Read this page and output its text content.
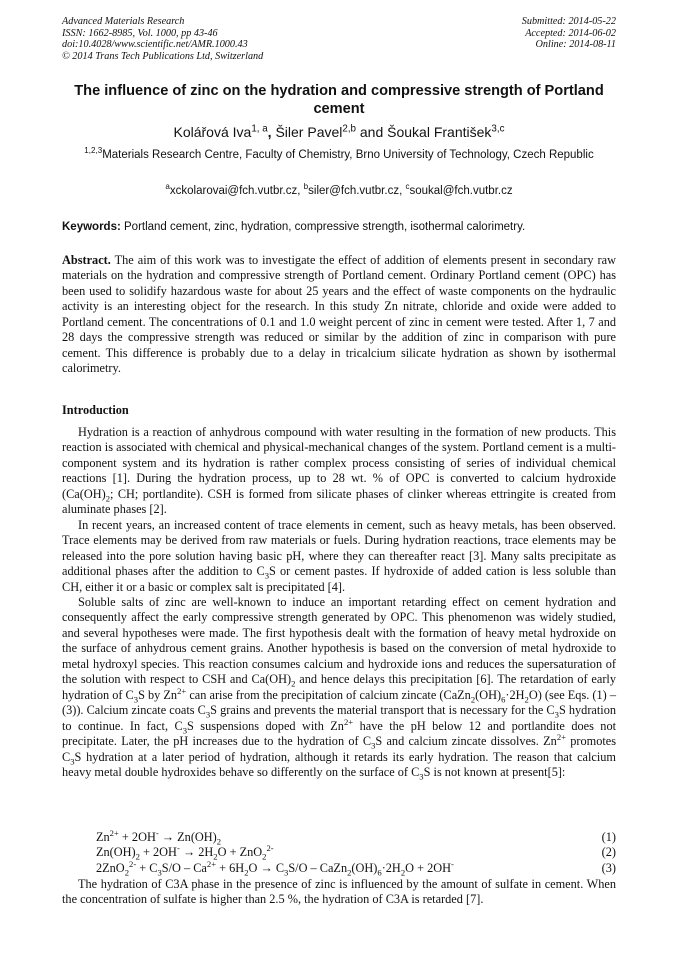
Advanced Materials Research
ISSN: 1662-8985, Vol. 1000, pp 43-46
doi:10.4028/www.scientific.net/AMR.1000.43
© 2014 Trans Tech Publications Ltd, Switzerland
Submitted: 2014-05-22
Accepted: 2014-06-02
Online: 2014-08-11
The influence of zinc on the hydration and compressive strength of Portland cement
Kolářová Iva$^{1, a}$, Šiler Pavel$^{2,b}$ and Šoukal František$^{3,c}$
$^{1,2,3}$Materials Research Centre, Faculty of Chemistry, Brno University of Technology, Czech Republic
$^a$xckolarovai@fch.vutbr.cz, $^b$siler@fch.vutbr.cz, $^c$soukal@fch.vutbr.cz
Keywords: Portland cement, zinc, hydration, compressive strength, isothermal calorimetry.

Abstract. The aim of this work was to investigate the effect of addition of elements present in secondary raw materials on the hydration and compressive strength of Portland cement. Ordinary Portland cement (OPC) has been used to solidify hazardous waste for about 25 years and the effect of waste components on the hydraulic activity is an interesting object for the research. In this study Zn nitrate, chloride and oxide were added to Portland cement. The concentrations of 0.1 and 1.0 weight percent of zinc in cement were tested. After 1, 7 and 28 days the compressive strength was reduced or similar by the addition of zinc in comparison with pure cement. This difference is probably due to a delay in tricalcium silicate hydration as shown by isothermal calorimetry.

Introduction

Hydration is a reaction of anhydrous compound with water resulting in the formation of new products. This reaction is associated with chemical and physical-mechanical changes of the system. Portland cement is a multi-component system and its hydration is rather complex process consisting of series of individual chemical reactions [1]. During the hydration process, up to 28 wt. % of OPC is converted to calcium hydroxide ($Ca(OH)_2$; CH; portlandite). CSH is formed from silicate phases of clinker whereas ettringite is created from aluminate phases [2].

In recent years, an increased content of trace elements in cement, such as heavy metals, has been observed. Trace elements may be derived from raw materials or fuels. During hydration reactions, trace elements may be released into the pore solution having basic pH, where they can thereafter react [3]. Many salts precipitate as additional phases after the addition to $C_3S$ or cement pastes. If hydroxide of added cation is less soluble than CH, either it or a basic or complex salt is precipitated [4].

Soluble salts of zinc are well-known to induce an important retarding effect on cement hydration and consequently affect the early compressive strength generated by OPC. This phenomenon was widely studied, and several hypotheses were made. The first hypothesis dealt with the formation of heavy metal hydroxide on the surface of anhydrous cement grains. Another hypothesis is based on the conversion of metal hydroxide to metal hydroxyl species. This reaction consumes calcium and hydroxide ions and reduces the supersaturation of the solution with respect to CSH and $Ca(OH)_2$ and hence delays this precipitation [6]. The retardation of early hydration of $C_3S$ by $Zn^{2+}$ can arise from the precipitation of calcium zincate $(CaZn_2(OH)_6\cdot 2H_2O)$ (see Eqs. (1) – (3)). Calcium zincate coats $C_3S$ grains and prevents the material transport that is necessary for the $C_3S$ hydration to continue. In fact, $C_3S$ suspensions doped with $Zn^{2+}$ have the pH below 12 and portlandite does not precipitate. Later, the pH increases due to the hydration of $C_3S$ and calcium zincate dissolves. $Zn^{2+}$ promotes $C_3S$ hydration at a later period of hydration, although it retards its early hydration. The reason that calcium heavy metal double hydroxides behave so differently on the surface of $C_3S$ is not known at present[5]:

$Zn^{2+} + 2OH^- \to Zn(OH)_2$	(1)
$Zn(OH)_2 + 2OH^- \to 2H_2O + ZnO_2^{2-}$	(2)
$2ZnO_2^{2-} + C_3S/O - Ca^{2+} + 6H_2O \to C_3S/O$ – $CaZn_2(OH)_6\cdot 2H_2O + 2OH^-$	(3)

The hydration of C3A phase in the presence of zinc is influenced by the amount of sulfate in cement. When the concentration of sulfate is higher than 2.5 %, the hydration of C3A is retarded [7].
